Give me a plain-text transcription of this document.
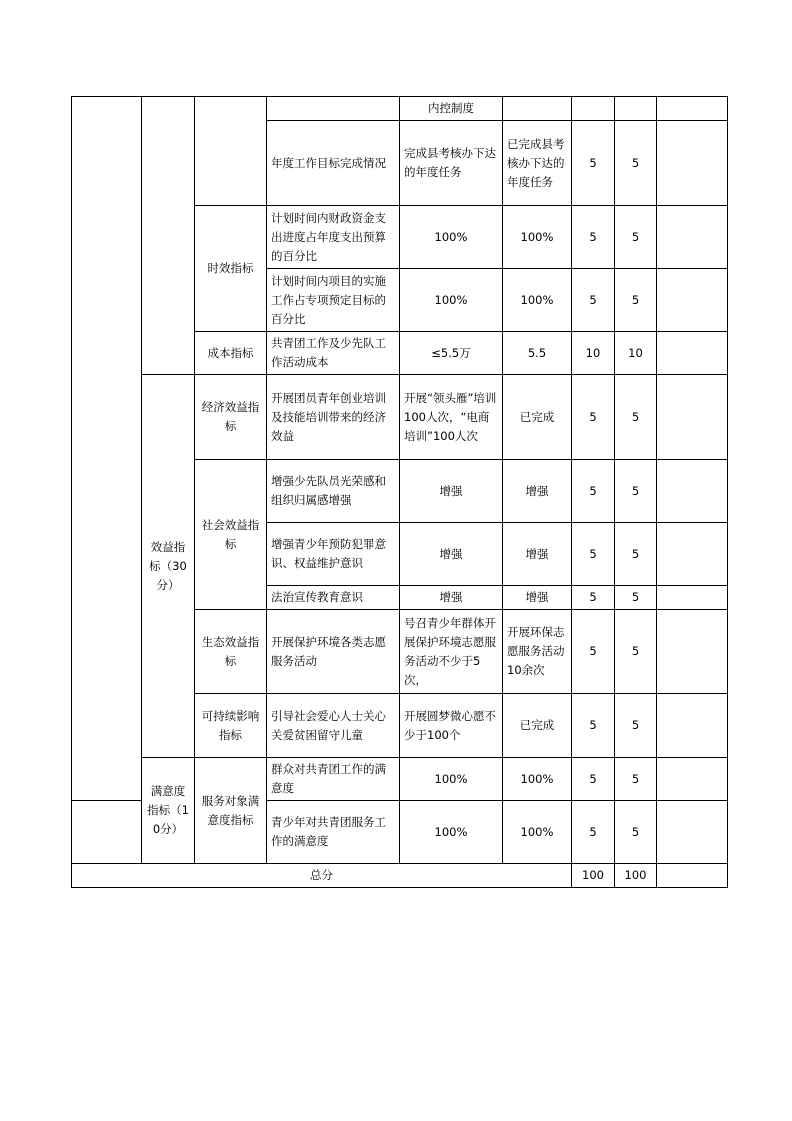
				内控制度				
			年度工作目标完成情况	完成县考核办下达的年度任务	已完成县考核办下达的年度任务	5	5	
		时效指标	计划时间内财政资金支出进度占年度支出预算的百分比	100%	100%	5	5	
			计划时间内项目的实施工作占专项预定目标的百分比	100%	100%	5	5	
		成本指标	共青团工作及少先队工作活动成本	≤5.5万	5.5	10	10	
	效益指标（30分）	经济效益指标	开展团员青年创业培训及技能培训带来的经济效益	开展“领头雁”培训100人次，“电商培训”100人次	已完成	5	5	
		社会效益指标	增强少先队员光荣感和组织归属感增强	增强	增强	5	5	
			增强青少年预防犯罪意识、权益维护意识	增强	增强	5	5	
			法治宣传教育意识	增强	增强	5	5	
		生态效益指标	开展保护环境各类志愿服务活动	号召青少年群体开展保护环境志愿服务活动不少于5次，	开展环保志愿服务活动10余次	5	5	
		可持续影响指标	引导社会爱心人士关心关爱贫困留守儿童	开展圆梦微心愿不少于100个	已完成	5	5	
	满意度指标（10分）	服务对象满意度指标	群众对共青团工作的满意度	100%	100%	5	5	
			青少年对共青团服务工作的满意度	100%	100%	5	5	
总分						100	100	
